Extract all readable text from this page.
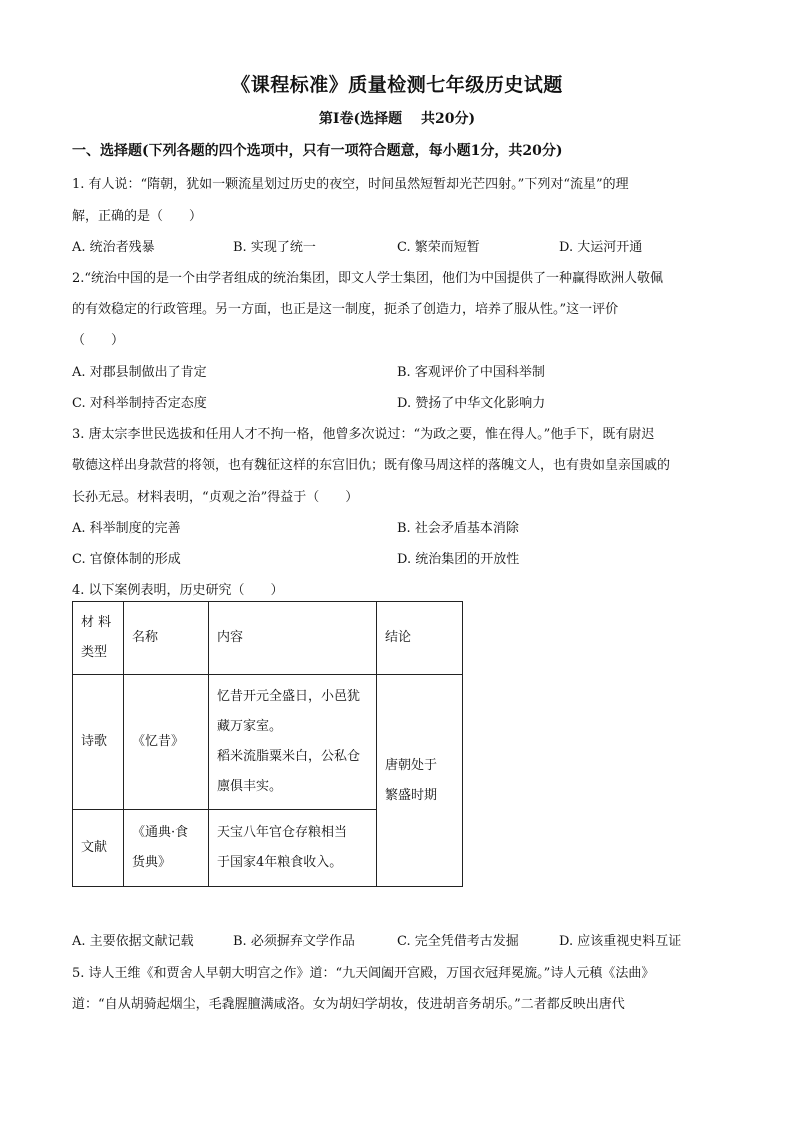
《课程标准》质量检测七年级历史试题
第Ⅰ卷(选择题　 共20分)
一、选择题(下列各题的四个选项中，只有一项符合题意，每小题1分，共20分)
1. 有人说：“隋朝，犹如一颗流星划过历史的夜空，时间虽然短暂却光芒四射。”下列对“流星”的理
解，正确的是（　　）
A. 统治者残暴	B. 实现了统一	C. 繁荣而短暂	D. 大运河开通
2.“统治中国的是一个由学者组成的统治集团，即文人学士集团，他们为中国提供了一种赢得欧洲人敬佩
的有效稳定的行政管理。另一方面，也正是这一制度，扼杀了创造力，培养了服从性。”这一评价
（　　）
A. 对郡县制做出了肯定	B. 客观评价了中国科举制
C. 对科举制持否定态度	D. 赞扬了中华文化影响力
3. 唐太宗李世民选拔和任用人才不拘一格，他曾多次说过：“为政之要，惟在得人。”他手下，既有尉迟
敬德这样出身款营的将领，也有魏征这样的东宫旧仇；既有像马周这样的落魄文人，也有贵如皇亲国戚的
长孙无忌。材料表明，“贞观之治”得益于（　　）
A. 科举制度的完善	B. 社会矛盾基本消除
C. 官僚体制的形成	D. 统治集团的开放性
4. 以下案例表明，历史研究（　　）
材 料
类型	名称	内容	结论
诗歌	《忆昔》	忆昔开元全盛日，小邑犹
藏万家室。
稻米流脂粟米白，公私仓
廪俱丰实。	唐朝处于
繁盛时期

文献	《通典·食
货典》	天宝八年官仓存粮相当
于国家4年粮食收入。	
A. 主要依据文献记载	B. 必须摒弃文学作品	C. 完全凭借考古发掘	D. 应该重视史料互证
5. 诗人王维《和贾舍人早朝大明宫之作》道：“九天阊阖开宫殿，万国衣冠拜冕旒。”诗人元稹《法曲》
道：“自从胡骑起烟尘，毛毳腥膻满咸洛。女为胡妇学胡妆，伎进胡音务胡乐。”二者都反映出唐代
